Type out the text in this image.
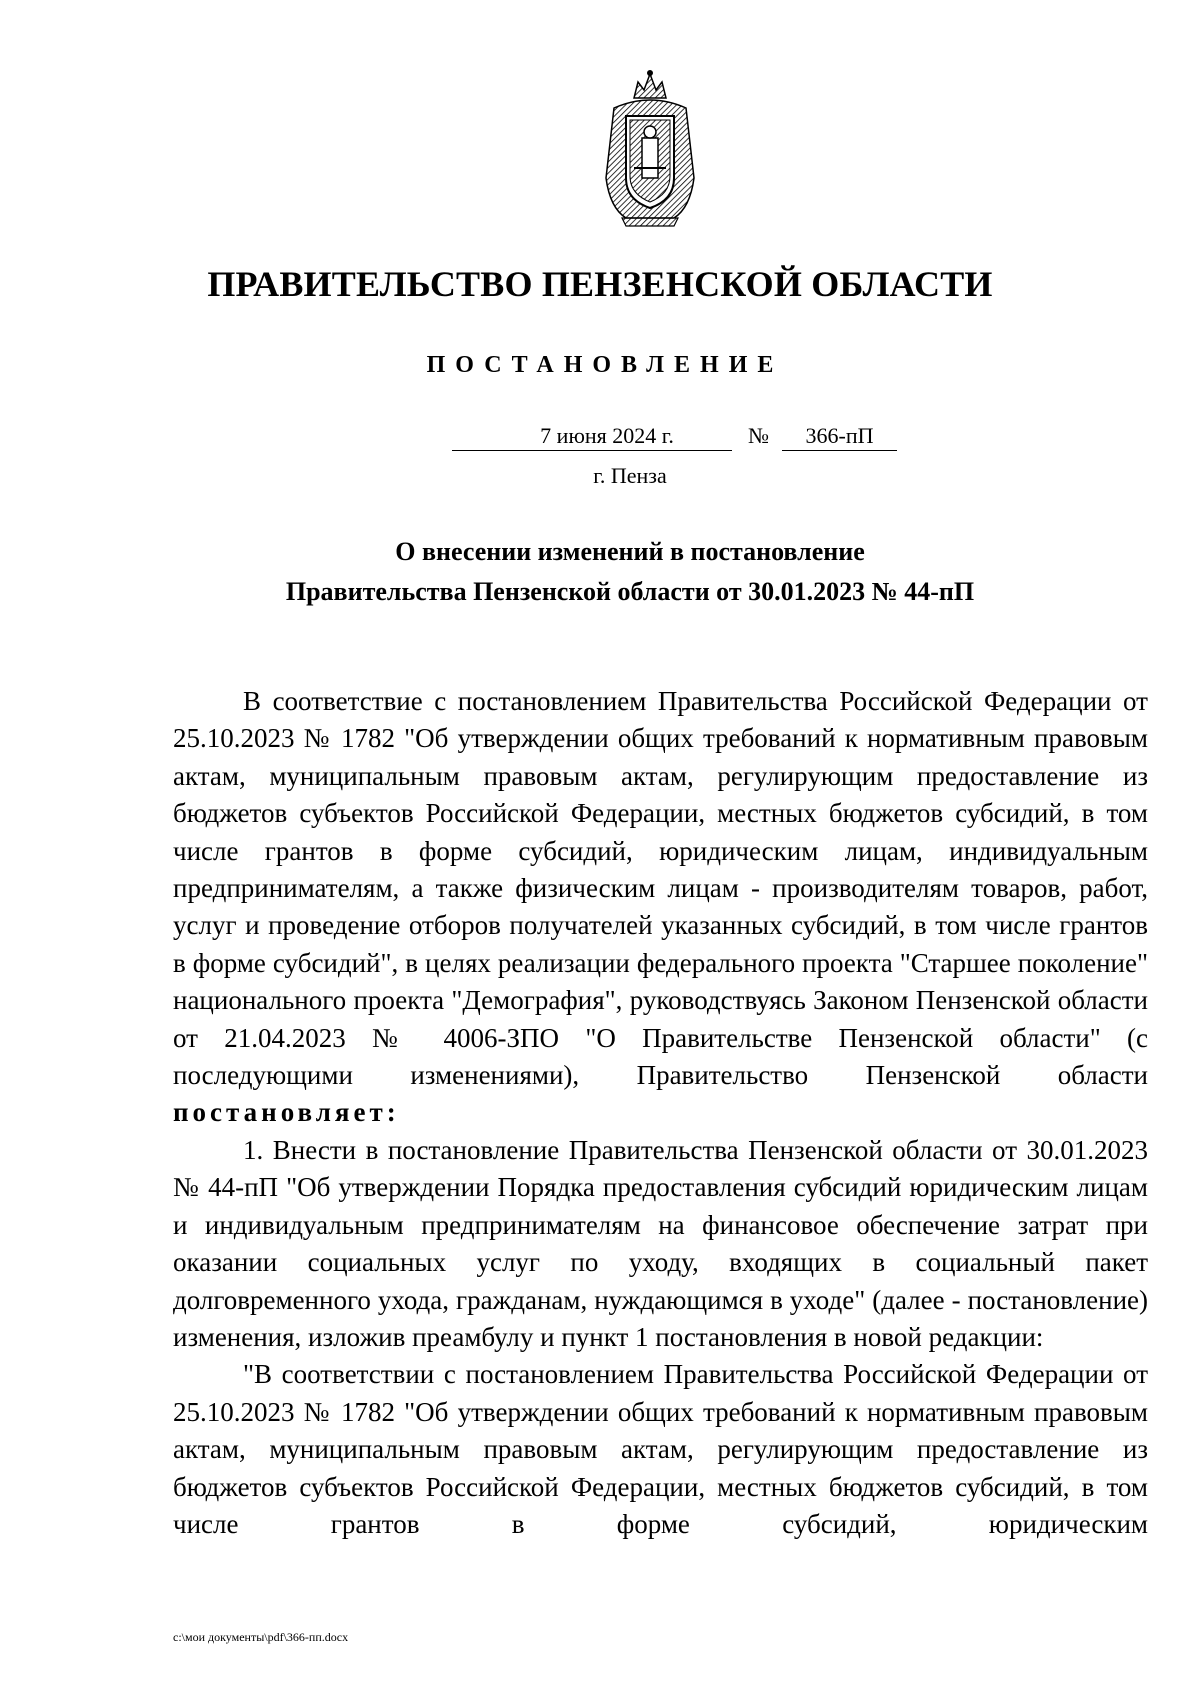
ПРАВИТЕЛЬСТВО ПЕНЗЕНСКОЙ ОБЛАСТИ
ПОСТАНОВЛЕНИЕ
7 июня 2024 г.	№	366-пП
г. Пенза
О внесении изменений в постановление
Правительства Пензенской области от 30.01.2023 № 44-пП

В соответствие с постановлением Правительства Российской Федерации от 25.10.2023 № 1782 "Об утверждении общих требований к нормативным правовым актам, муниципальным правовым актам, регулирующим предоставление из бюджетов субъектов Российской Федерации, местных бюджетов субсидий, в том числе грантов в форме субсидий, юридическим лицам, индивидуальным предпринимателям, а также физическим лицам - производителям товаров, работ, услуг и проведение отборов получателей указанных субсидий, в том числе грантов в форме субсидий", в целях реализации федерального проекта "Старшее поколение" национального проекта "Демография", руководствуясь Законом Пензенской области от 21.04.2023 № 4006-ЗПО "О Правительстве Пензенской области" (с последующими изменениями), Правительство Пензенской области постановляет:

1. Внести в постановление Правительства Пензенской области от 30.01.2023 № 44-пП "Об утверждении Порядка предоставления субсидий юридическим лицам и индивидуальным предпринимателям на финансовое обеспечение затрат при оказании социальных услуг по уходу, входящих в социальный пакет долговременного ухода, гражданам, нуждающимся в уходе" (далее - постановление) изменения, изложив преамбулу и пункт 1 постановления в новой редакции:

"В соответствии с постановлением Правительства Российской Федерации от 25.10.2023 № 1782 "Об утверждении общих требований к нормативным правовым актам, муниципальным правовым актам, регулирующим предоставление из бюджетов субъектов Российской Федерации, местных бюджетов субсидий, в том числе грантов в форме субсидий, юридическим

c:\мои документы\pdf\366-пп.docx
